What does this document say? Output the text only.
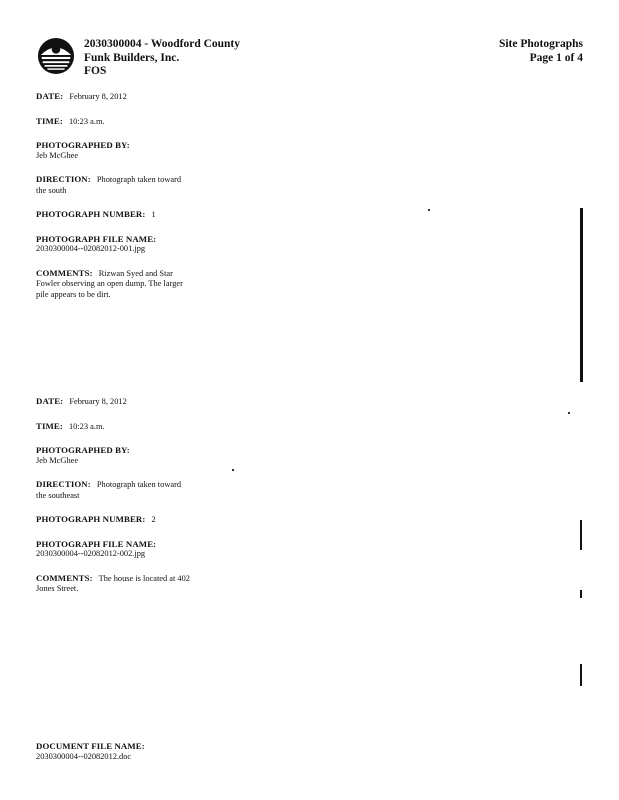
2030300004 - Woodford County
Funk Builders, Inc.
FOS
Site Photographs
Page 1 of 4
DATE: February 8, 2012
TIME: 10:23 a.m.
PHOTOGRAPHED BY:
Jeb McGhee
DIRECTION: Photograph taken toward the south
PHOTOGRAPH NUMBER: 1
PHOTOGRAPH FILE NAME:
2030300004--02082012-001.jpg
COMMENTS: Rizwan Syed and Star Fowler observing an open dump. The larger pile appears to be dirt.
DATE: February 8, 2012
TIME: 10:23 a.m.
PHOTOGRAPHED BY:
Jeb McGhee
DIRECTION: Photograph taken toward the southeast
PHOTOGRAPH NUMBER: 2
PHOTOGRAPH FILE NAME:
2030300004--02082012-002.jpg
COMMENTS: The house is located at 402 Jones Street.
DOCUMENT FILE NAME:
2030300004--02082012.doc
